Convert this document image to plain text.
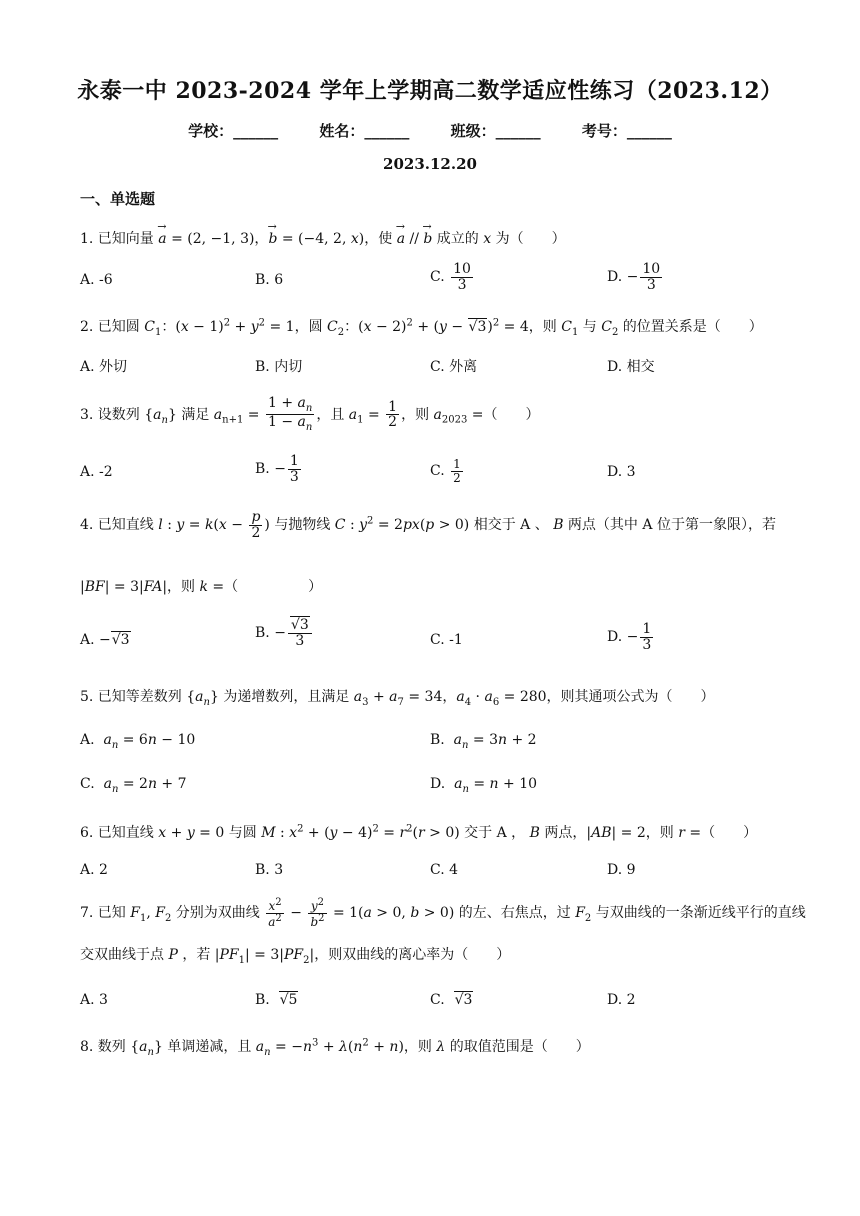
永泰一中 2023-2024 学年上学期高二数学适应性练习（2023.12）
学校：______	姓名：______	班级：______	考号：______
2023.12.20
一、单选题
1. 已知向量 → a = (2, −1, 3)，→ b = (−4, 2, x)，使 → a // → b 成立的 x 为（　　）
A. -6	B. 6	C. $\frac{10}{3}$	D. − $\frac{10}{3}$
2. 已知圆 $C_1$：$(x - 1)^2 + y^2 = 1$，圆 $C_2$：$(x - 2)^2 + (y - √3)^2 = 4$，则 $C_1$ 与 $C_2$ 的位置关系是（　　）
A. 外切	B. 内切	C. 外离	D. 相交
3. 设数列 $\{a_n\}$ 满足 $a_{n+1} = \frac{1 + a_n}{1 - a_n}$ ，且 $a_1 = \frac{1}{2}$ ，则 $a_{2023}$ =（　　）
A. -2	B. − $\frac{1}{3}$	C. $\frac{1}{2}$	D. 3
4. 已知直线 l : $y = k(x - \frac{p}{2}$ ) 与抛物线 C : $y^2 = 2px(p > 0)$ 相交于 A 、 B 两点（其中 A 位于第一象限），若
|BF| = 3|FA|，则 k =（　　　　　）
A. −√3	B. − $\frac{√3}{3}$	C. -1	D. − $\frac{1}{3}$
5. 已知等差数列 $\{a_n\}$ 为递增数列，且满足 $a_3 + a_7 = 34$，$a_4 \cdot a_6 = 280$，则其通项公式为（　　）
A.  $a_n = 6n - 10$	B.  $a_n = 3n + 2$
C.  $a_n = 2n + 7$	D.  $a_n = n + 10$
6. 已知直线 x + y = 0 与圆 M : $x^2 + (y - 4)^2 = r^2(r > 0)$ 交于 A ， B 两点，|AB| = 2，则 r =（　　）
A. 2	B. 3	C. 4	D. 9
7. 已知 $F_1$, $F_2$ 分别为双曲线 $\frac{x^2}{a^2} - \frac{y^2}{b^2} = 1(a > 0$, b > 0) 的左、右焦点，过 $F_2$ 与双曲线的一条渐近线平行的直线
交双曲线于点 P ，若 $|PF_1| = 3|PF_2|$，则双曲线的离心率为（　　）
A. 3	B.  √5	C.  √3	D. 2
8. 数列 $\{a_n\}$ 单调递减，且 $a_n = -n^3 + \lambda(n^2 + n)$，则 λ 的取值范围是（　　）
